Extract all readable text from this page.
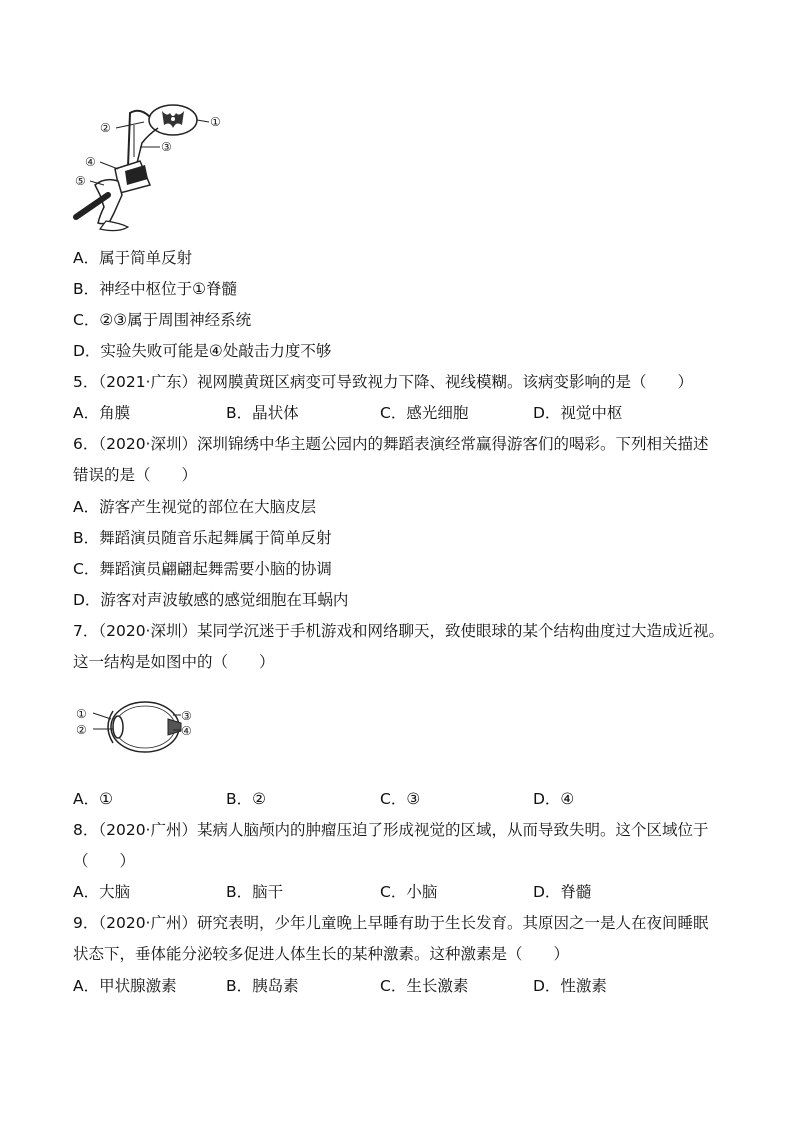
①
②
③
④
⑤
A．属于简单反射
B．神经中枢位于①脊髓
C．②③属于周围神经系统
D．实验失败可能是④处敲击力度不够
5．（2021·广东）视网膜黄斑区病变可导致视力下降、视线模糊。该病变影响的是（　　）
A．角膜	B．晶状体	C．感光细胞	D．视觉中枢
6．（2020·深圳）深圳锦绣中华主题公园内的舞蹈表演经常赢得游客们的喝彩。下列相关描述
错误的是（　　）
A．游客产生视觉的部位在大脑皮层
B．舞蹈演员随音乐起舞属于简单反射
C．舞蹈演员翩翩起舞需要小脑的协调
D．游客对声波敏感的感觉细胞在耳蜗内
7．（2020·深圳）某同学沉迷于手机游戏和网络聊天，致使眼球的某个结构曲度过大造成近视。
这一结构是如图中的（　　）
①
②
③
④
A．①	B．②	C．③	D．④
8．（2020·广州）某病人脑颅内的肿瘤压迫了形成视觉的区域，从而导致失明。这个区域位于
（　　）
A．大脑	B．脑干	C．小脑	D．脊髓
9．（2020·广州）研究表明，少年儿童晚上早睡有助于生长发育。其原因之一是人在夜间睡眠
状态下，垂体能分泌较多促进人体生长的某种激素。这种激素是（　　）
A．甲状腺激素	B．胰岛素	C．生长激素	D．性激素
